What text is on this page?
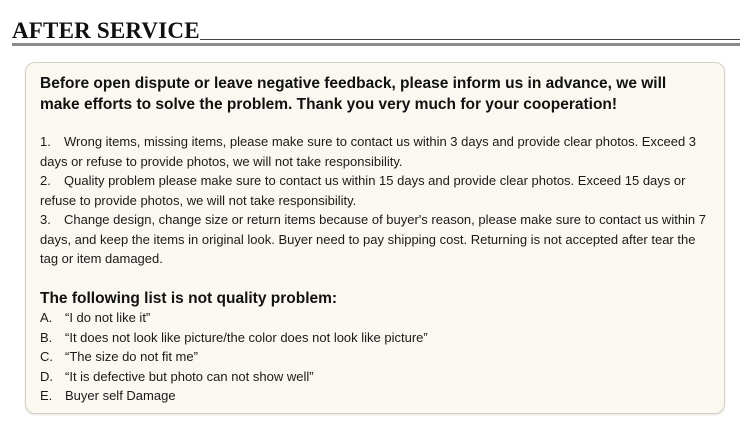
AFTER SERVICE
Before open dispute or leave negative feedback, please inform us in advance, we will make efforts to solve the problem. Thank you very much for your cooperation!
1. Wrong items, missing items, please make sure to contact us within 3 days and provide clear photos. Exceed 3 days or refuse to provide photos, we will not take responsibility.
2. Quality problem please make sure to contact us within 15 days and provide clear photos. Exceed 15 days or refuse to provide photos, we will not take responsibility.
3. Change design, change size or return items because of buyer's reason, please make sure to contact us within 7 days, and keep the items in original look. Buyer need to pay shipping cost. Returning is not accepted after tear the tag or item damaged.
The following list is not quality problem:
A. “I do not like it”
B. “It does not look like picture/the color does not look like picture”
C. “The size do not fit me”
D. “It is defective but photo can not show well”
E. Buyer self Damage
